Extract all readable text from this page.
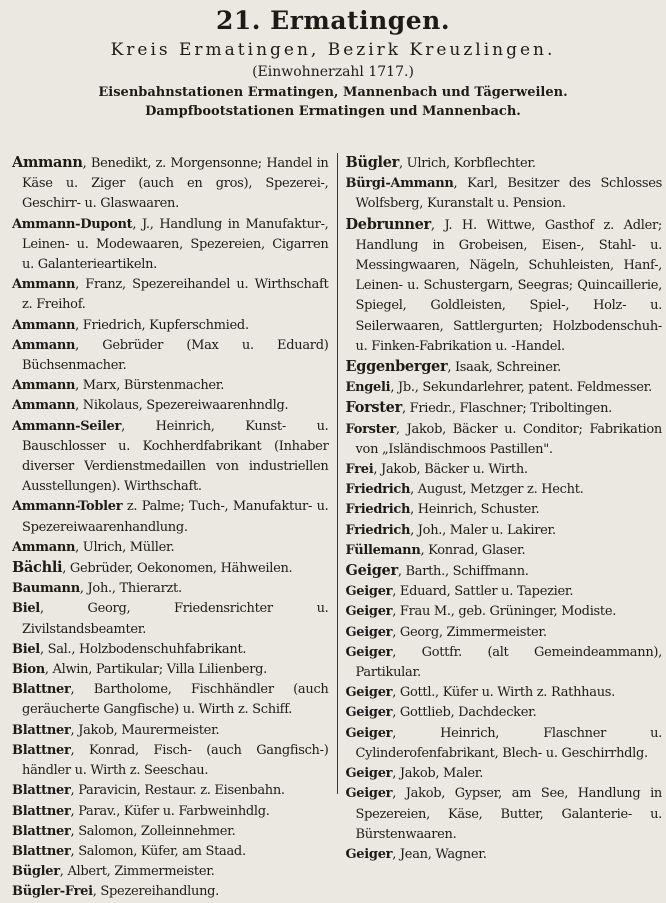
21. Ermatingen.
Kreis Ermatingen, Bezirk Kreuzlingen.
(Einwohnerzahl 1717.)
Eisenbahnstationen Ermatingen, Mannenbach und Tägerweilen.
Dampfbootstationen Ermatingen und Mannenbach.
Ammann, Benedikt, z. Morgensonne; Handel in Käse u. Ziger (auch en gros), Spezerei-, Geschirr- u. Glaswaaren.
Ammann-Dupont, J., Handlung in Manufaktur-, Leinen- u. Modewaaren, Spezereien, Cigarren u. Galanterieartikeln.
Ammann, Franz, Spezereihandel u. Wirthschaft z. Freihof.
Ammann, Friedrich, Kupferschmied.
Ammann, Gebrüder (Max u. Eduard) Büchsenmacher.
Ammann, Marx, Bürstenmacher.
Ammann, Nikolaus, Spezereiwaarenhndlg.
Ammann-Seiler, Heinrich, Kunst- u. Bauschlosser u. Kochherdfabrikant (Inhaber diverser Verdienstmedaillen von industriellen Ausstellungen). Wirthschaft.
Ammann-Tobler z. Palme; Tuch-, Manufaktur- u. Spezereiwaarenhandlung.
Ammann, Ulrich, Müller.
Bächli, Gebrüder, Oekonomen, Hähweilen.
Baumann, Joh., Thierarzt.
Biel, Georg, Friedensrichter u. Zivilstandsbeamter.
Biel, Sal., Holzbodenschuhfabrikant.
Bion, Alwin, Partikular; Villa Lilienberg.
Blattner, Bartholome, Fischhändler (auch geräucherte Gangfische) u. Wirth z. Schiff.
Blattner, Jakob, Maurermeister.
Blattner, Konrad, Fisch- (auch Gangfisch-) händler u. Wirth z. Seeschau.
Blattner, Paravicin, Restaur. z. Eisenbahn.
Blattner, Parav., Küfer u. Farbweinhdlg.
Blattner, Salomon, Zolleinnehmer.
Blattner, Salomon, Küfer, am Staad.
Bügler, Albert, Zimmermeister.
Bügler-Frei, Spezereihandlung.
Bügler, Ulrich, Korbflechter.
Bürgi-Ammann, Karl, Besitzer des Schlosses Wolfsberg, Kuranstalt u. Pension.
Debrunner, J. H. Wittwe, Gasthof z. Adler; Handlung in Grobeisen, Eisen-, Stahl- u. Messingwaaren, Nägeln, Schuhleisten, Hanf-, Leinen- u. Schustergarn, Seegras; Quincaillerie, Spiegel, Goldleisten, Spiel-, Holz- u. Seilerwaaren, Sattlergurten; Holzbodenschuh- u. Finken-Fabrikation u. -Handel.
Eggenberger, Isaak, Schreiner.
Engeli, Jb., Sekundarlehrer, patent. Feldmesser.
Forster, Friedr., Flaschner; Triboltingen.
Forster, Jakob, Bäcker u. Conditor; Fabrikation von „Isländischmoos Pastillen".
Frei, Jakob, Bäcker u. Wirth.
Friedrich, August, Metzger z. Hecht.
Friedrich, Heinrich, Schuster.
Friedrich, Joh., Maler u. Lakirer.
Füllemann, Konrad, Glaser.
Geiger, Barth., Schiffmann.
Geiger, Eduard, Sattler u. Tapezier.
Geiger, Frau M., geb. Grüninger, Modiste.
Geiger, Georg, Zimmermeister.
Geiger, Gottfr. (alt Gemeindeammann), Partikular.
Geiger, Gottl., Küfer u. Wirth z. Rathhaus.
Geiger, Gottlieb, Dachdecker.
Geiger, Heinrich, Flaschner u. Cylinderofenfabrikant, Blech- u. Geschirrhdlg.
Geiger, Jakob, Maler.
Geiger, Jakob, Gypser, am See, Handlung in Spezereien, Käse, Butter, Galanterie- u. Bürstenwaaren.
Geiger, Jean, Wagner.
